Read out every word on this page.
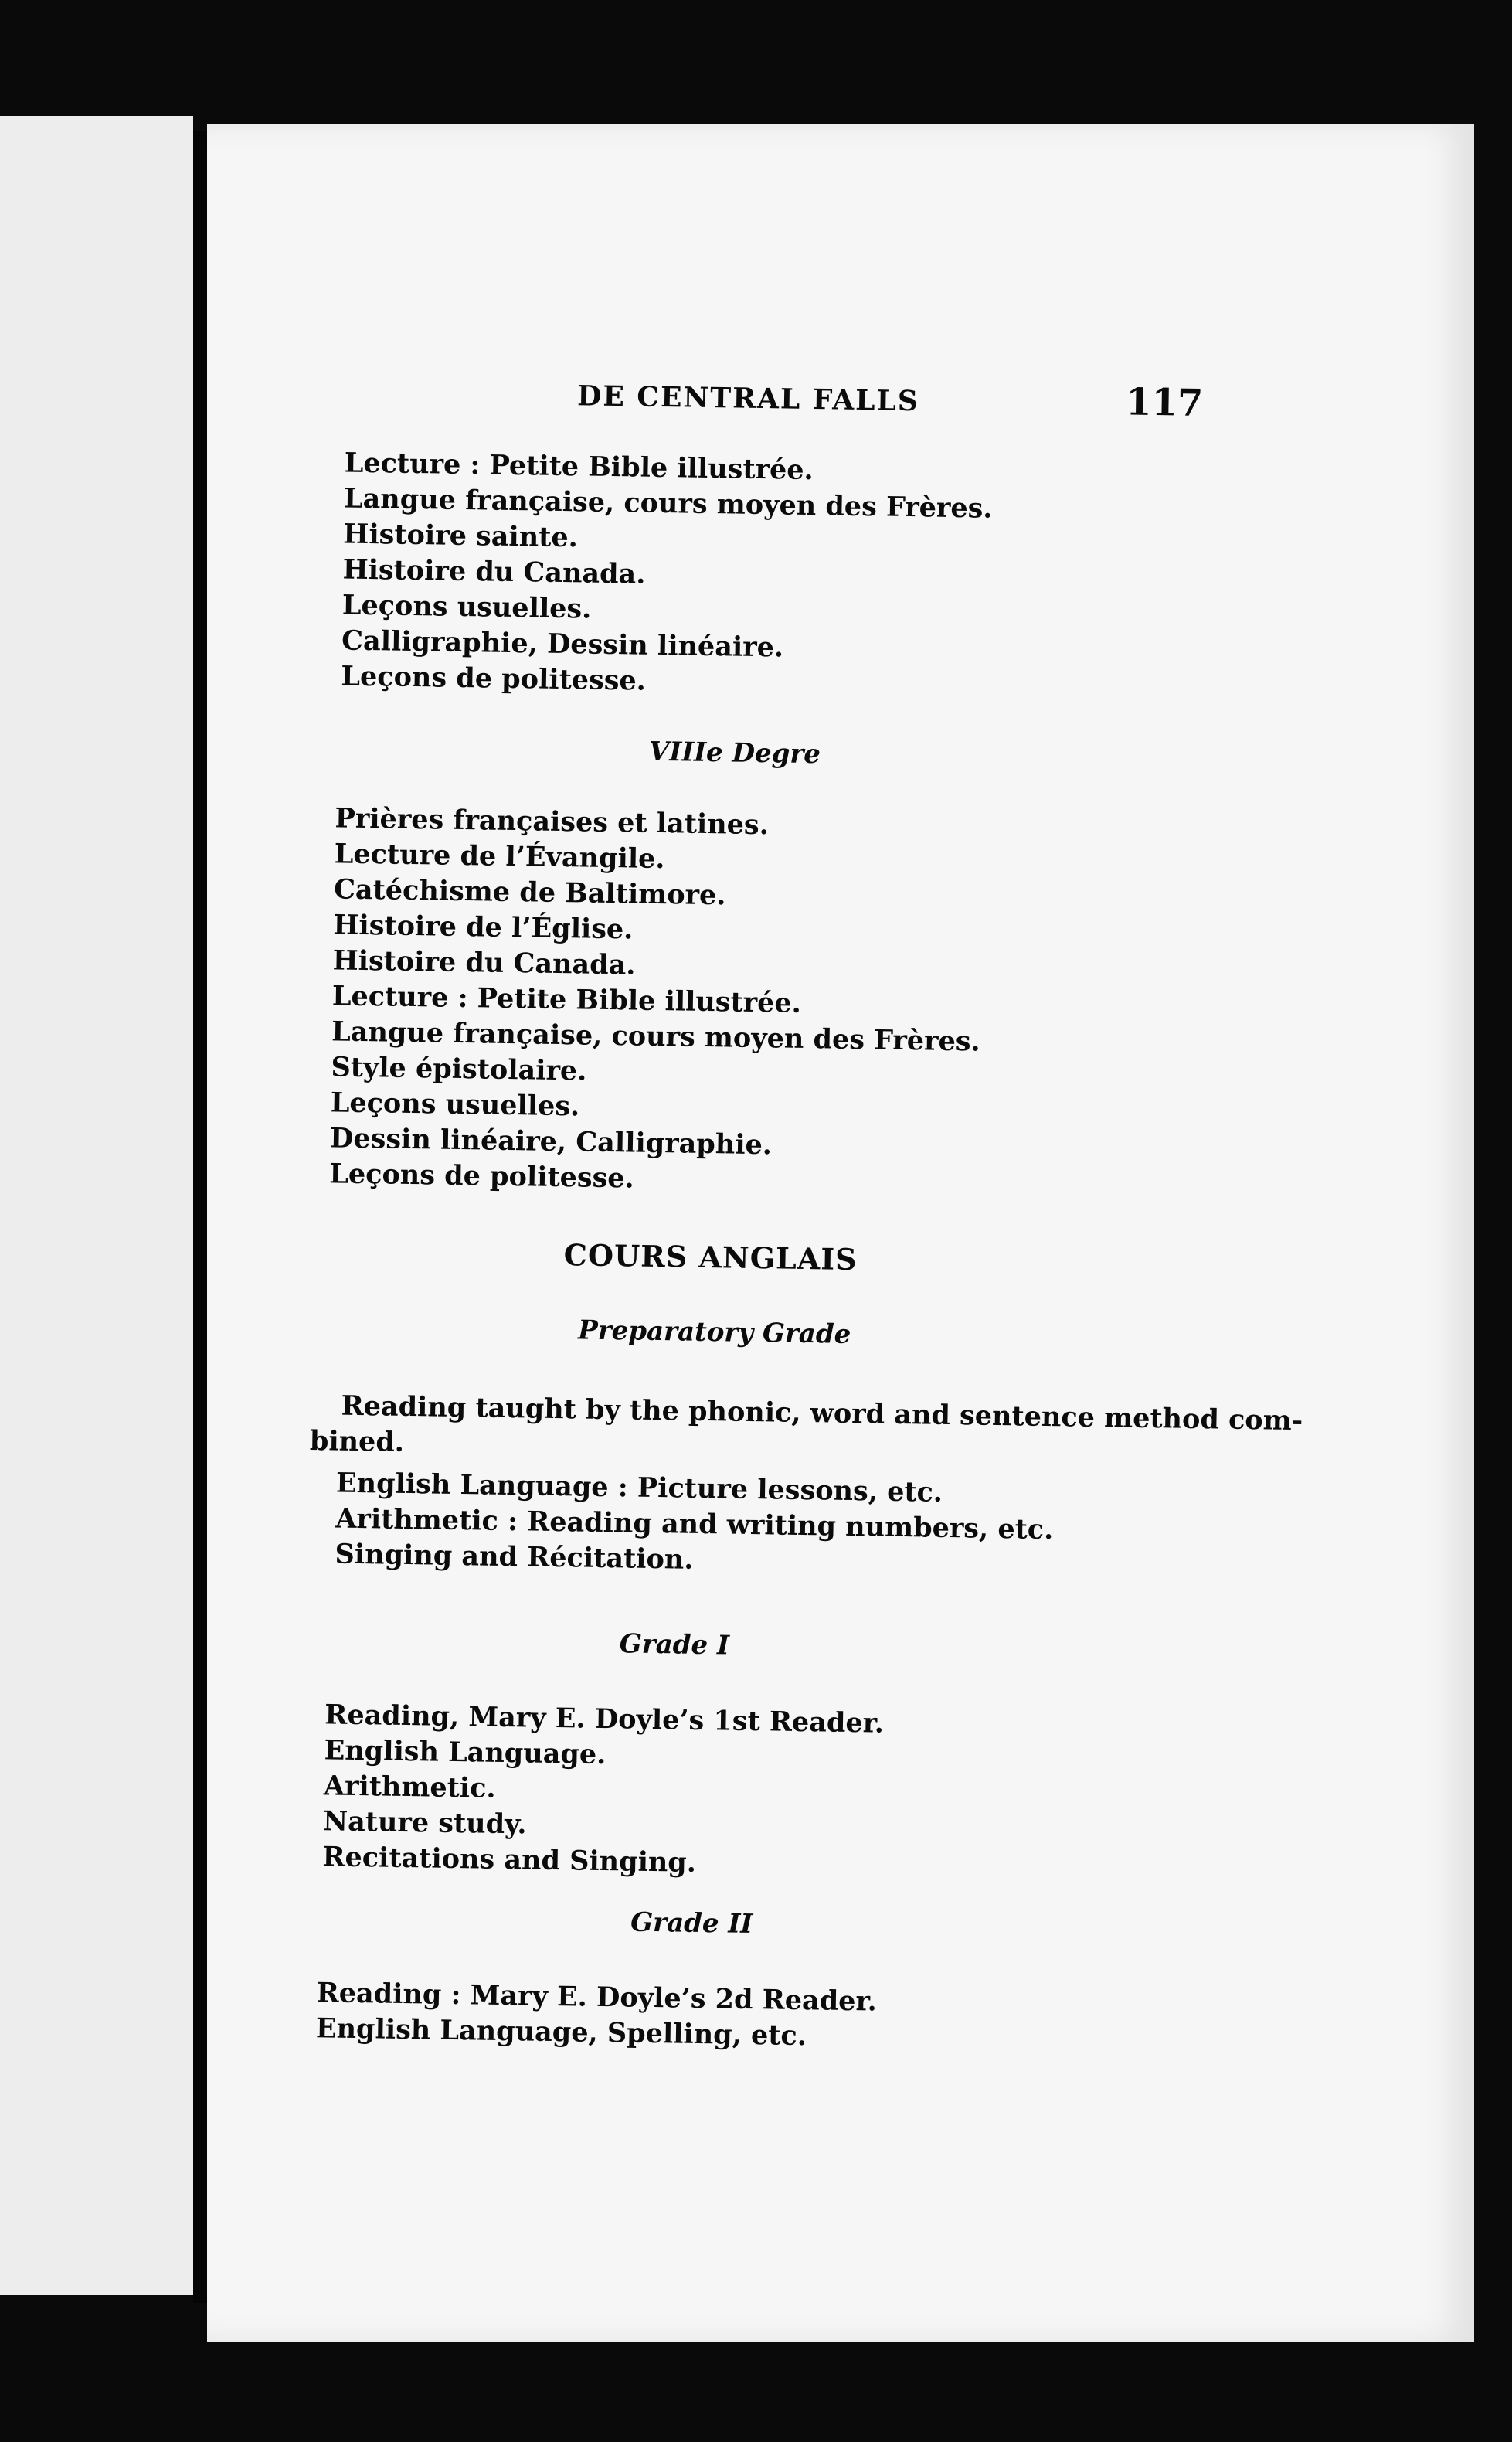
DE CENTRAL FALLS	117
Lecture : Petite Bible illustrée.
Langue française, cours moyen des Frères.
Histoire sainte.
Histoire du Canada.
Leçons usuelles.
Calligraphie, Dessin linéaire.
Leçons de politesse.
VIIIe Degre
Prières françaises et latines.
Lecture de l’Évangile.
Catéchisme de Baltimore.
Histoire de l’Église.
Histoire du Canada.
Lecture : Petite Bible illustrée.
Langue française, cours moyen des Frères.
Style épistolaire.
Leçons usuelles.
Dessin linéaire, Calligraphie.
Leçons de politesse.
COURS ANGLAIS
Preparatory Grade
Reading taught by the phonic, word and sentence method com-
bined.
English Language : Picture lessons, etc.
Arithmetic : Reading and writing numbers, etc.
Singing and Récitation.
Grade I
Reading, Mary E. Doyle’s 1st Reader.
English Language.
Arithmetic.
Nature study.
Recitations and Singing.
Grade II
Reading : Mary E. Doyle’s 2d Reader.
English Language, Spelling, etc.
